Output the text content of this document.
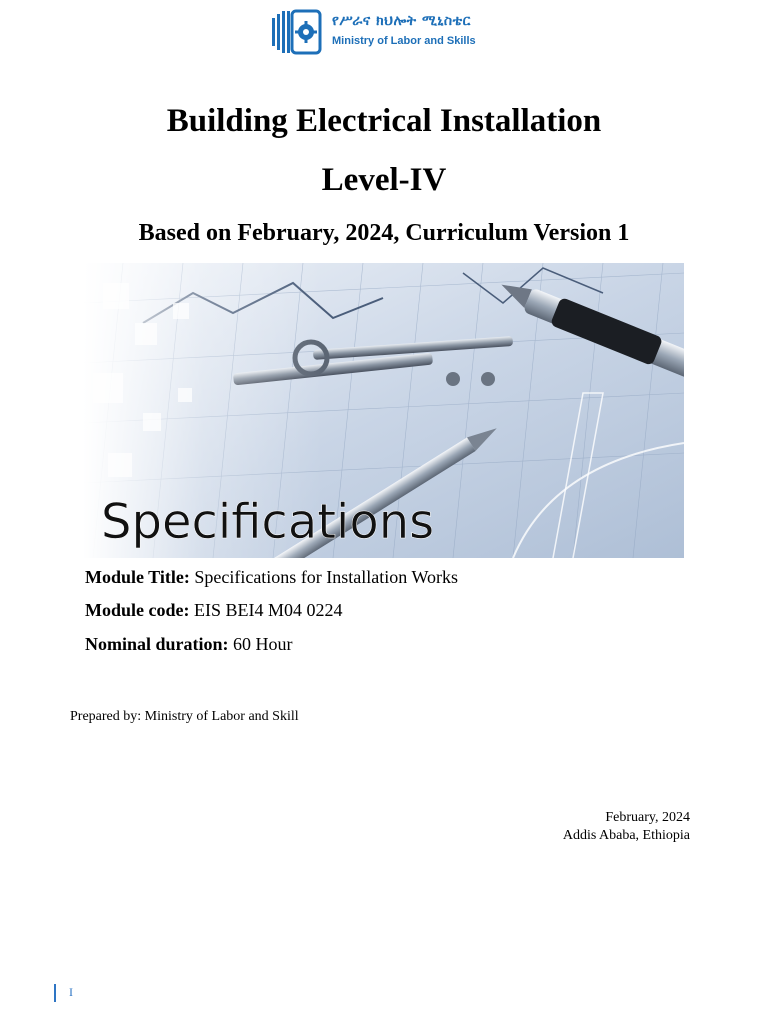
የሥራና ክህሎት ሚኒስቴር
Ministry of Labor and Skills
Building Electrical Installation
Level-IV
Based on February, 2024, Curriculum Version 1
Specifications
Module Title: Specifications for Installation Works
Module code: EIS BEI4 M04 0224
Nominal duration: 60 Hour
Prepared by: Ministry of Labor and Skill
February, 2024
Addis Ababa, Ethiopia
I
